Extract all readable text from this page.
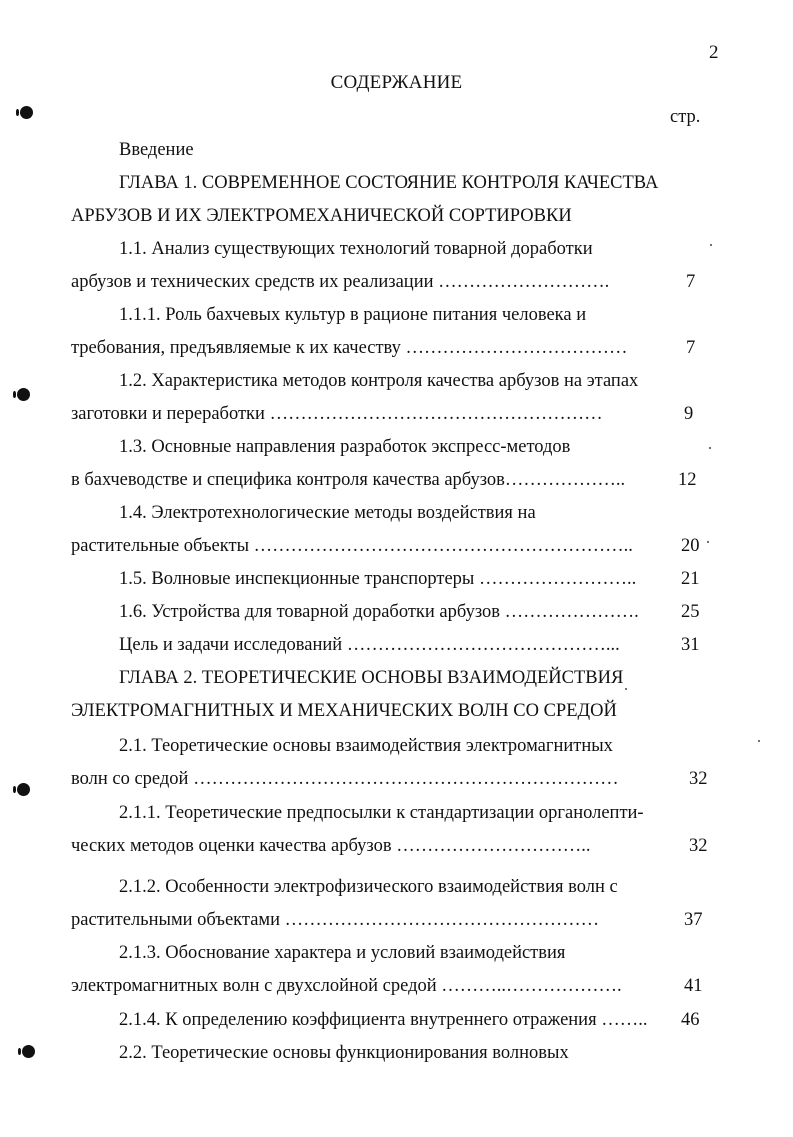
2
СОДЕРЖАНИЕ
стр.
Введение
ГЛАВА 1. СОВРЕМЕННОЕ СОСТОЯНИЕ КОНТРОЛЯ КАЧЕСТВА
АРБУЗОВ И ИХ ЭЛЕКТРОМЕХАНИЧЕСКОЙ СОРТИРОВКИ
1.1. Анализ существующих технологий товарной доработки
арбузов и технических средств их реализации ……………………….	7
1.1.1. Роль бахчевых культур в рационе питания человека и
требования, предъявляемые к их качеству ………………………………	7
1.2. Характеристика методов контроля качества арбузов на этапах
заготовки и переработки ………………………………………………	9
1.3. Основные направления разработок экспресс-методов
в бахчеводстве и специфика контроля качества арбузов………………..	12
1.4. Электротехнологические методы воздействия на
растительные объекты ……………………………………………………..	20
1.5. Волновые инспекционные транспортеры …………………….. 21
1.6. Устройства для товарной доработки арбузов …………………. 25
Цель и задачи исследований ……………………………………...	31
ГЛАВА 2. ТЕОРЕТИЧЕСКИЕ ОСНОВЫ ВЗАИМОДЕЙСТВИЯ
ЭЛЕКТРОМАГНИТНЫХ И МЕХАНИЧЕСКИХ ВОЛН СО СРЕДОЙ
2.1. Теоретические основы взаимодействия электромагнитных
волн со средой ……………………………………………………………	32
2.1.1. Теоретические предпосылки к стандартизации органолепти-
ческих методов оценки качества арбузов …………………………..	32
2.1.2. Особенности электрофизического взаимодействия волн с
растительными объектами ……………………………………………	37
2.1.3. Обоснование характера и условий взаимодействия
электромагнитных волн с двухслойной средой ………..……………….	41
2.1.4. К определению коэффициента внутреннего отражения …….. 46
2.2. Теоретические основы функционирования волновых
